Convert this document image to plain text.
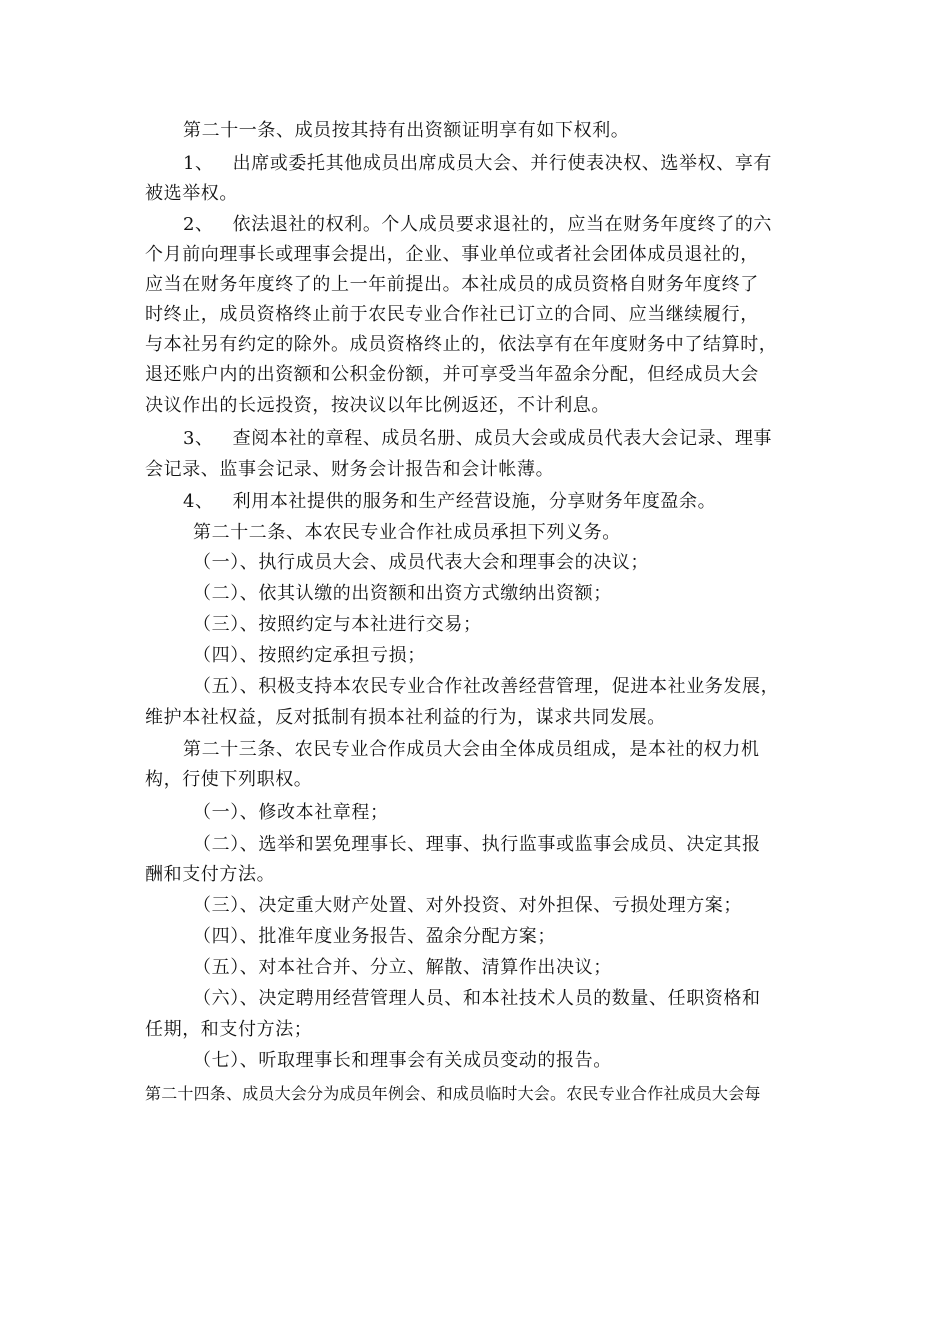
第二十一条、成员按其持有出资额证明享有如下权利。
1、   出席或委托其他成员出席成员大会、并行使表决权、选举权、享有
被选举权。
2、   依法退社的权利。个人成员要求退社的，应当在财务年度终了的六
个月前向理事长或理事会提出，企业、事业单位或者社会团体成员退社的，
应当在财务年度终了的上一年前提出。本社成员的成员资格自财务年度终了
时终止，成员资格终止前于农民专业合作社已订立的合同、应当继续履行，
与本社另有约定的除外。成员资格终止的，依法享有在年度财务中了结算时，
退还账户内的出资额和公积金份额，并可享受当年盈余分配，但经成员大会
决议作出的长远投资，按决议以年比例返还，不计利息。
3、   查阅本社的章程、成员名册、成员大会或成员代表大会记录、理事
会记录、监事会记录、财务会计报告和会计帐薄。
4、   利用本社提供的服务和生产经营设施，分享财务年度盈余。
第二十二条、本农民专业合作社成员承担下列义务。
（一）、执行成员大会、成员代表大会和理事会的决议；
（二）、依其认缴的出资额和出资方式缴纳出资额；
（三）、按照约定与本社进行交易；
（四）、按照约定承担亏损；
（五）、积极支持本农民专业合作社改善经营管理，促进本社业务发展，
维护本社权益，反对抵制有损本社利益的行为，谋求共同发展。
第二十三条、农民专业合作成员大会由全体成员组成，是本社的权力机
构，行使下列职权。
（一）、修改本社章程；
（二）、选举和罢免理事长、理事、执行监事或监事会成员、决定其报
酬和支付方法。
（三）、决定重大财产处置、对外投资、对外担保、亏损处理方案；
（四）、批准年度业务报告、盈余分配方案；
（五）、对本社合并、分立、解散、清算作出决议；
（六）、决定聘用经营管理人员、和本社技术人员的数量、任职资格和
任期，和支付方法；
（七）、听取理事长和理事会有关成员变动的报告。
第二十四条、成员大会分为成员年例会、和成员临时大会。农民专业合作社成员大会每
